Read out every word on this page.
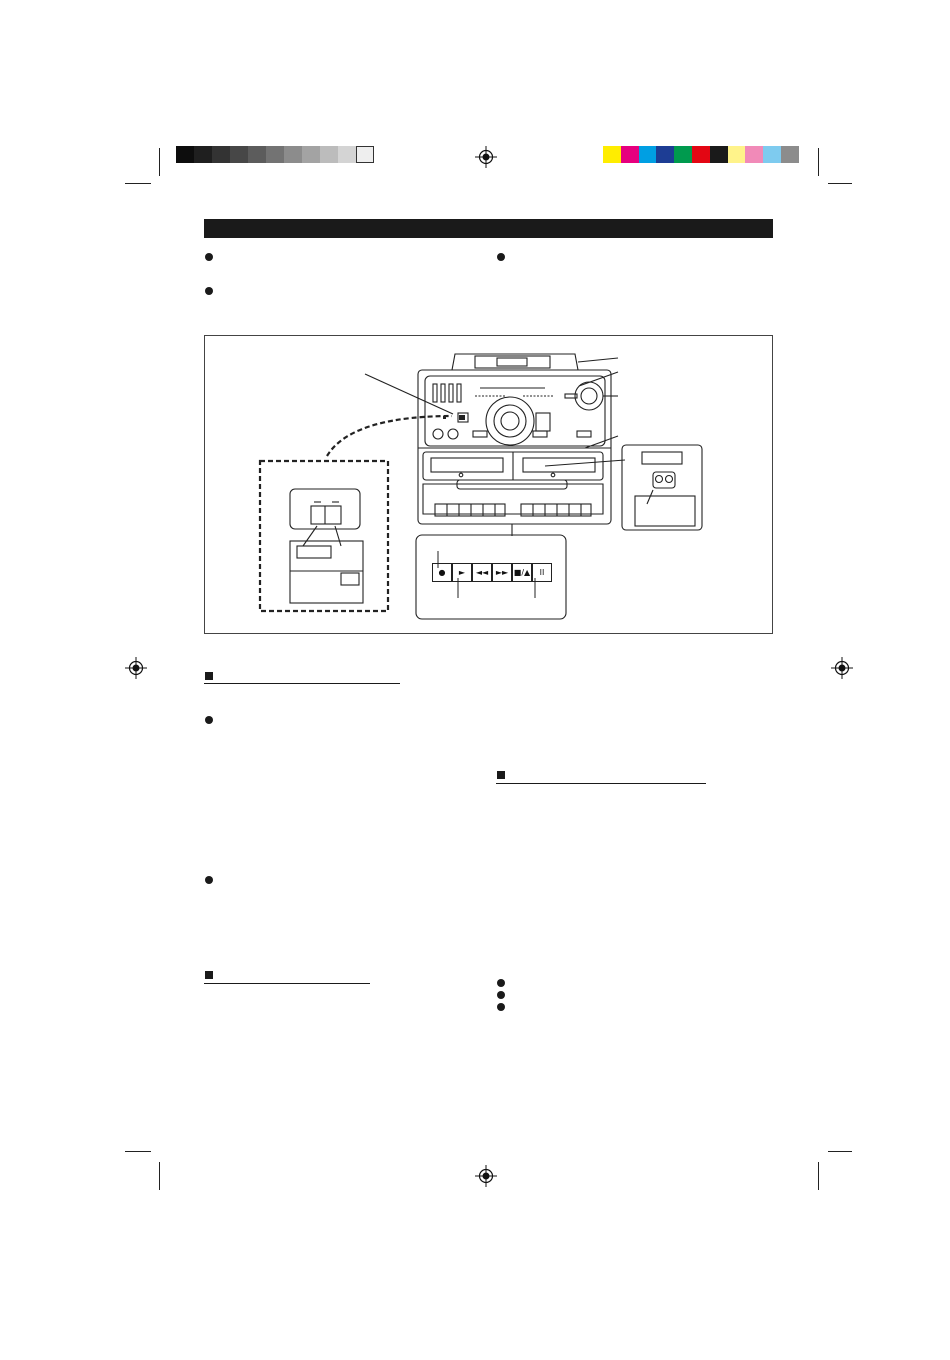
●	►	◄◄ ►► ■/▲	II
